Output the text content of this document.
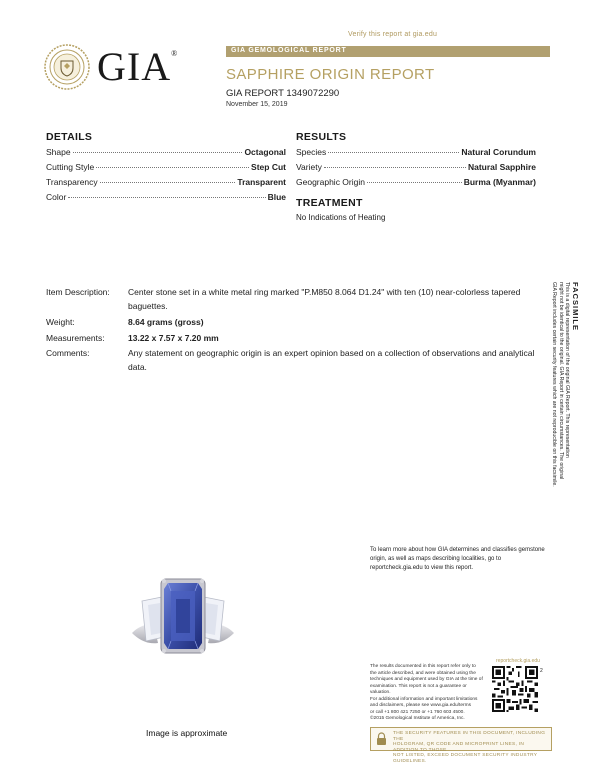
Verify this report at gia.edu
GIA®	GIA GEMOLOGICAL REPORT
SAPPHIRE ORIGIN REPORT
GIA REPORT 1349072290
November 15, 2019
DETAILS
Shape	Octagonal
Cutting Style	Step Cut
Transparency	Transparent
Color	Blue
RESULTS
Species	Natural Corundum
Variety	Natural Sapphire
Geographic Origin	Burma (Myanmar)
TREATMENT
No Indications of Heating
Item Description: Center stone set in a white metal ring marked "P.M850 8.064 D1.24" with ten (10) near-colorless tapered
baguettes.
Weight:	8.64 grams (gross)
Measurements:	13.22 x 7.57 x 7.20 mm
Comments:	Any statement on geographic origin is an expert opinion based on a collection of observations and analytical
data.
FACSIMILE
This is a digital representation of the original GIA Report. This representation
might not be identical to the original. GIA Report in certain circumstances. The original
GIA Report includes certain security features which are not reproducible on this facsimile.
To learn more about how GIA determines and classifies gemstone origin, as well as maps describing localities, go to reportcheck.gia.edu to view this report.
Image is approximate
The results documented in this report refer only to
the article described, and were obtained using the
techniques and equipment used by GIA at the time of
examination. This report is not a guarantee or valuation.
For additional information and important limitations
and disclaimers, please see www.gia.edu/terms
or call +1 800 421 7250 or +1 760 603 4500.
©2015 Gemological Institute of America, Inc.
reportcheck.gia.edu
2
THE SECURITY FEATURES IN THIS DOCUMENT, INCLUDING THE
HOLOGRAM, QR CODE AND MICROPRINT LINES, IN ADDITION TO THOSE
NOT LISTED, EXCEED DOCUMENT SECURITY INDUSTRY GUIDELINES.
